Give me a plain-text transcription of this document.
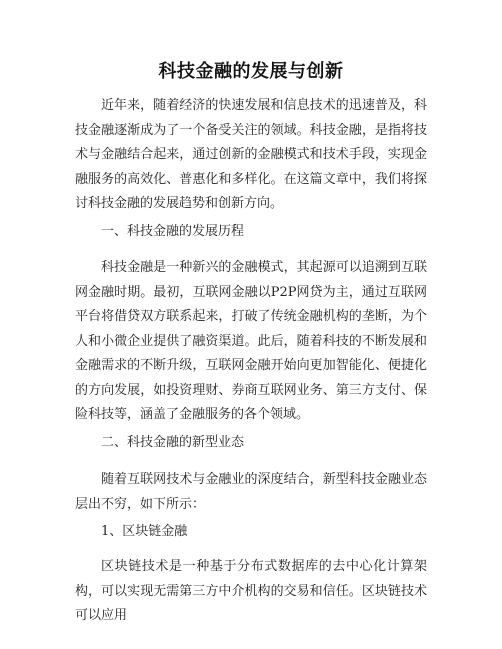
科技金融的发展与创新
近年来，随着经济的快速发展和信息技术的迅速普及，科技金融逐渐成为了一个备受关注的领域。科技金融，是指将技术与金融结合起来，通过创新的金融模式和技术手段，实现金融服务的高效化、普惠化和多样化。在这篇文章中，我们将探讨科技金融的发展趋势和创新方向。
一、科技金融的发展历程
科技金融是一种新兴的金融模式，其起源可以追溯到互联网金融时期。最初，互联网金融以P2P网贷为主，通过互联网平台将借贷双方联系起来，打破了传统金融机构的垄断，为个人和小微企业提供了融资渠道。此后，随着科技的不断发展和金融需求的不断升级，互联网金融开始向更加智能化、便捷化的方向发展，如投资理财、券商互联网业务、第三方支付、保险科技等，涵盖了金融服务的各个领域。
二、科技金融的新型业态
随着互联网技术与金融业的深度结合，新型科技金融业态层出不穷，如下所示：
1、区块链金融
区块链技术是一种基于分布式数据库的去中心化计算架构，可以实现无需第三方中介机构的交易和信任。区块链技术可以应用
